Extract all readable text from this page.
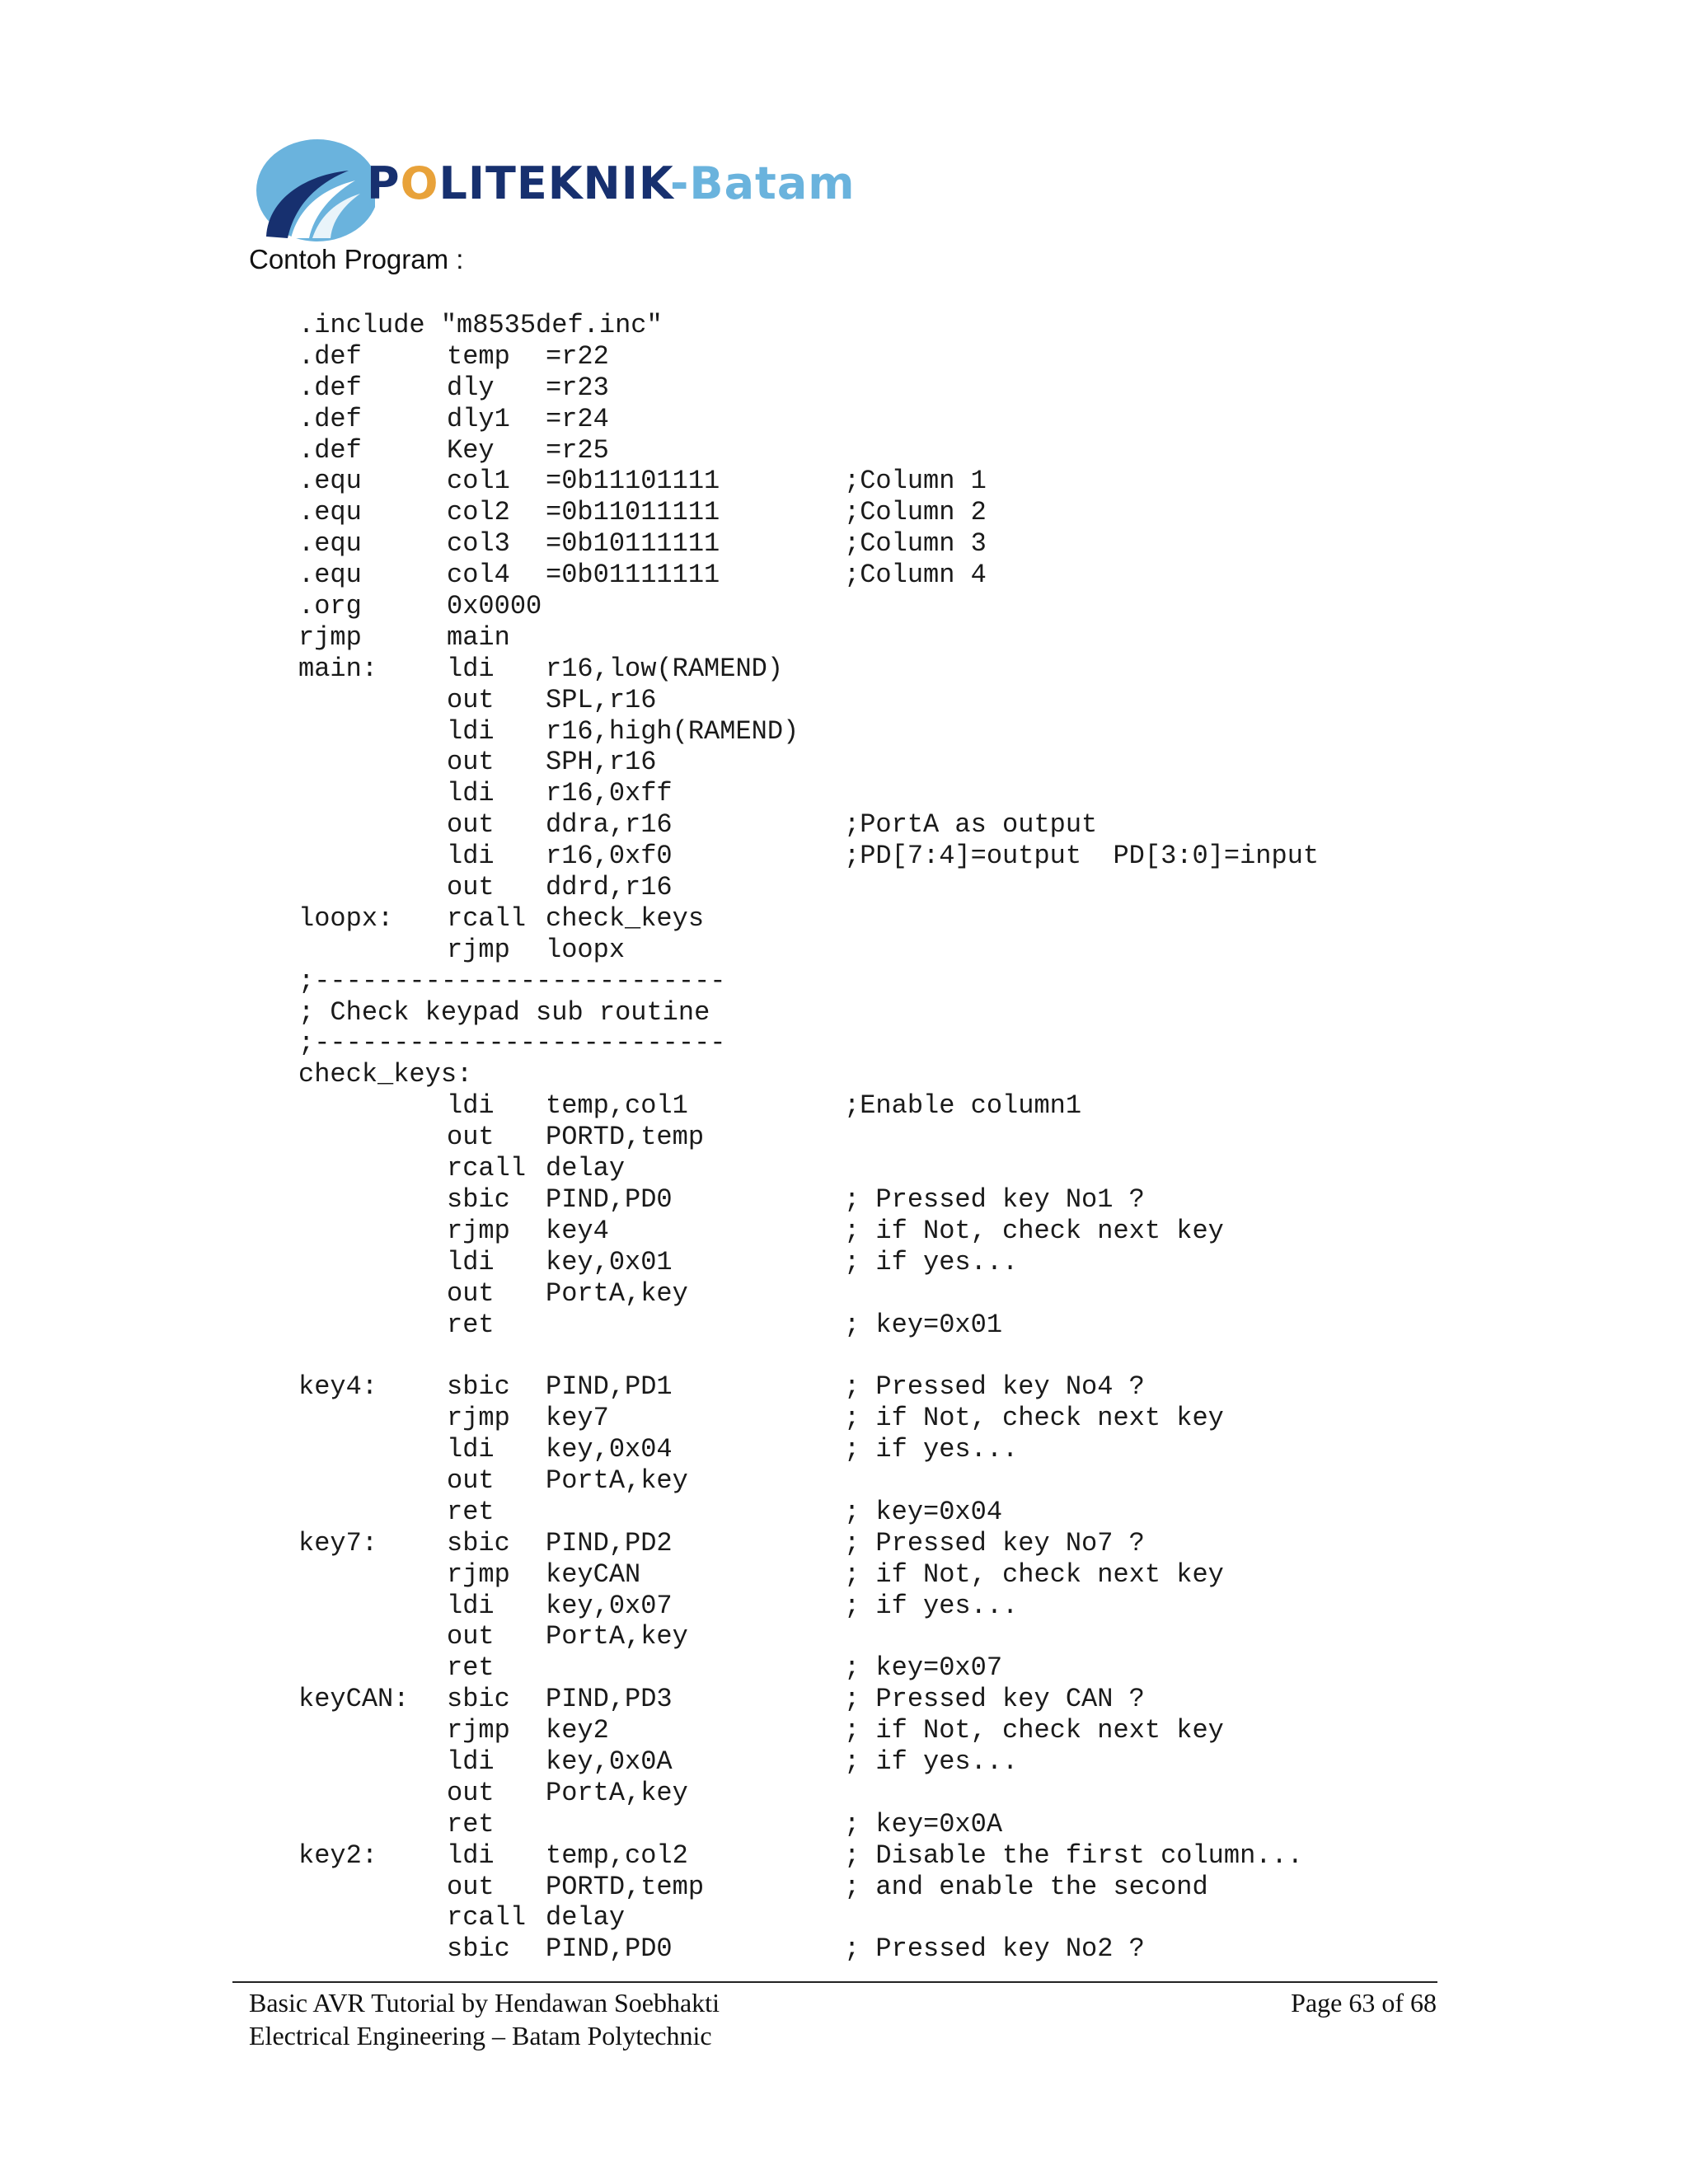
POLITEKNIK-Batam
Contoh Program :
.include "m8535def.inc"
.def	temp =r22
.def	dly =r23
.def	dly1 =r24
.def	Key =r25
.equ	col1 =0b11101111	;Column 1
.equ	col2 =0b11011111	;Column 2
.equ	col3 =0b10111111	;Column 3
.equ	col4 =0b01111111	;Column 4
.org	0x0000
rjmp	main
main:	ldi r16,low(RAMEND)
out SPL,r16
ldi r16,high(RAMEND)
out SPH,r16
ldi r16,0xff
out ddra,r16	;PortA as output
ldi r16,0xf0	;PD[7:4]=output  PD[3:0]=input
out ddrd,r16
loopx: rcall check_keys
rjmp loopx
;--------------------------
; Check keypad sub routine
;--------------------------
check_keys:
ldi temp,col1	;Enable column1
out PORTD,temp
rcall delay
sbic PIND,PD0	; Pressed key No1 ?
rjmp key4	; if Not, check next key
ldi key,0x01	; if yes...
out PortA,key
ret	; key=0x01
key4:	sbic PIND,PD1	; Pressed key No4 ?
rjmp key7	; if Not, check next key
ldi key,0x04	; if yes...
out PortA,key
ret	; key=0x04
key7:	sbic PIND,PD2	; Pressed key No7 ?
rjmp keyCAN	; if Not, check next key
ldi key,0x07	; if yes...
out PortA,key
ret	; key=0x07
keyCAN: sbic PIND,PD3	; Pressed key CAN ?
rjmp key2	; if Not, check next key
ldi key,0x0A	; if yes...
out PortA,key
ret	; key=0x0A
key2:	ldi temp,col2	; Disable the first column...
out PORTD,temp	; and enable the second
rcall delay
sbic PIND,PD0	; Pressed key No2 ?
Basic AVR Tutorial by Hendawan Soebhakti
Electrical Engineering – Batam Polytechnic
Page 63 of 68
